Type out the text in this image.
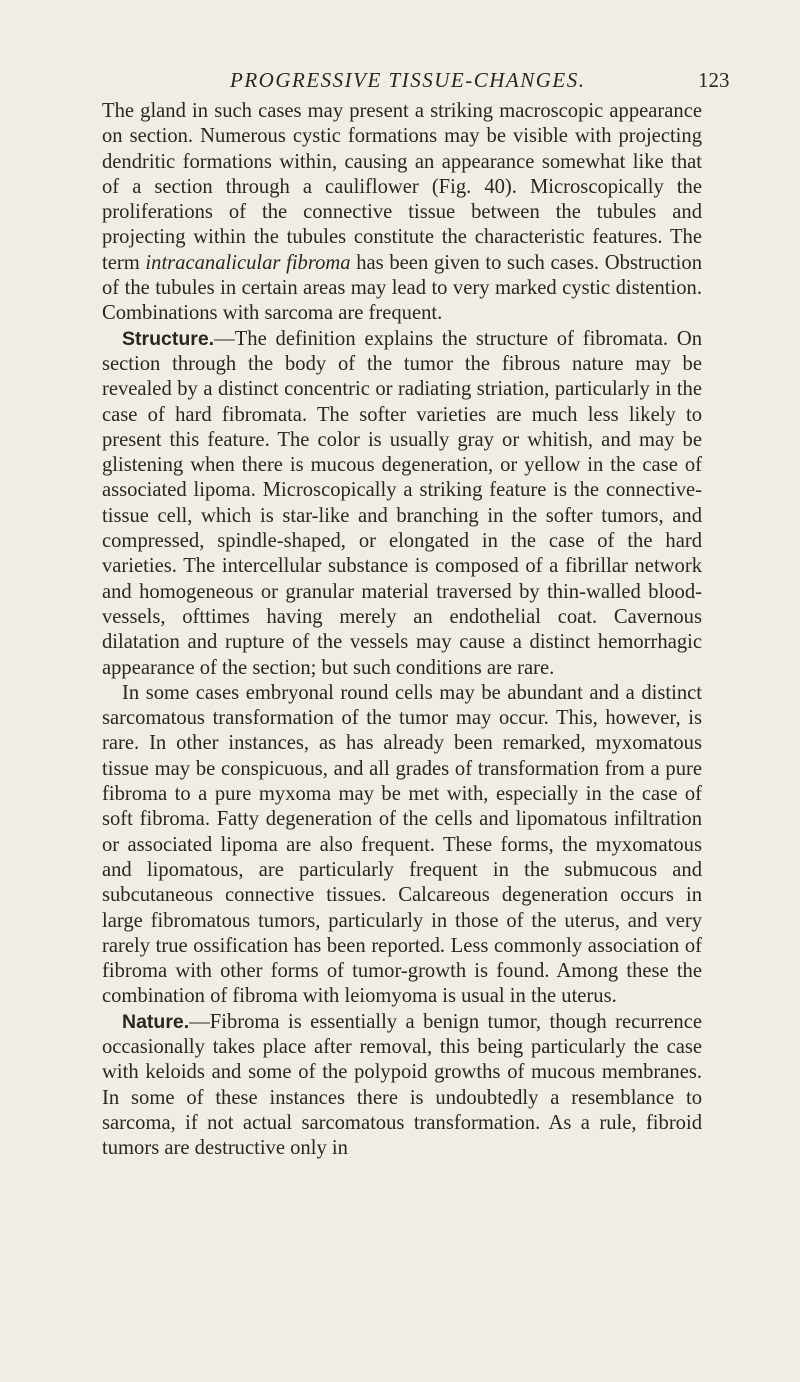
PROGRESSIVE TISSUE-CHANGES.	123

The gland in such cases may present a striking macroscopic appearance on section. Numerous cystic formations may be visible with projecting dendritic formations within, causing an appearance somewhat like that of a section through a cauliflower (Fig. 40). Microscopically the proliferations of the connective tissue between the tubules and projecting within the tubules constitute the characteristic features. The term intracanalicular fibroma has been given to such cases. Obstruction of the tubules in certain areas may lead to very marked cystic distention. Combinations with sarcoma are frequent.

Structure.—The definition explains the structure of fibromata. On section through the body of the tumor the fibrous nature may be revealed by a distinct concentric or radiating striation, particularly in the case of hard fibromata. The softer varieties are much less likely to present this feature. The color is usually gray or whitish, and may be glistening when there is mucous degeneration, or yellow in the case of associated lipoma. Microscopically a striking feature is the connective-tissue cell, which is star-like and branching in the softer tumors, and compressed, spindle-shaped, or elongated in the case of the hard varieties. The intercellular substance is composed of a fibrillar network and homogeneous or granular material traversed by thin-walled blood-vessels, ofttimes having merely an endothelial coat. Cavernous dilatation and rupture of the vessels may cause a distinct hemorrhagic appearance of the section; but such conditions are rare.

In some cases embryonal round cells may be abundant and a distinct sarcomatous transformation of the tumor may occur. This, however, is rare. In other instances, as has already been remarked, myxomatous tissue may be conspicuous, and all grades of transformation from a pure fibroma to a pure myxoma may be met with, especially in the case of soft fibroma. Fatty degeneration of the cells and lipomatous infiltration or associated lipoma are also frequent. These forms, the myxomatous and lipomatous, are particularly frequent in the submucous and subcutaneous connective tissues. Calcareous degeneration occurs in large fibromatous tumors, particularly in those of the uterus, and very rarely true ossification has been reported. Less commonly association of fibroma with other forms of tumor-growth is found. Among these the combination of fibroma with leiomyoma is usual in the uterus.

Nature.—Fibroma is essentially a benign tumor, though recurrence occasionally takes place after removal, this being particularly the case with keloids and some of the polypoid growths of mucous membranes. In some of these instances there is undoubtedly a resemblance to sarcoma, if not actual sarcomatous transformation. As a rule, fibroid tumors are destructive only in
